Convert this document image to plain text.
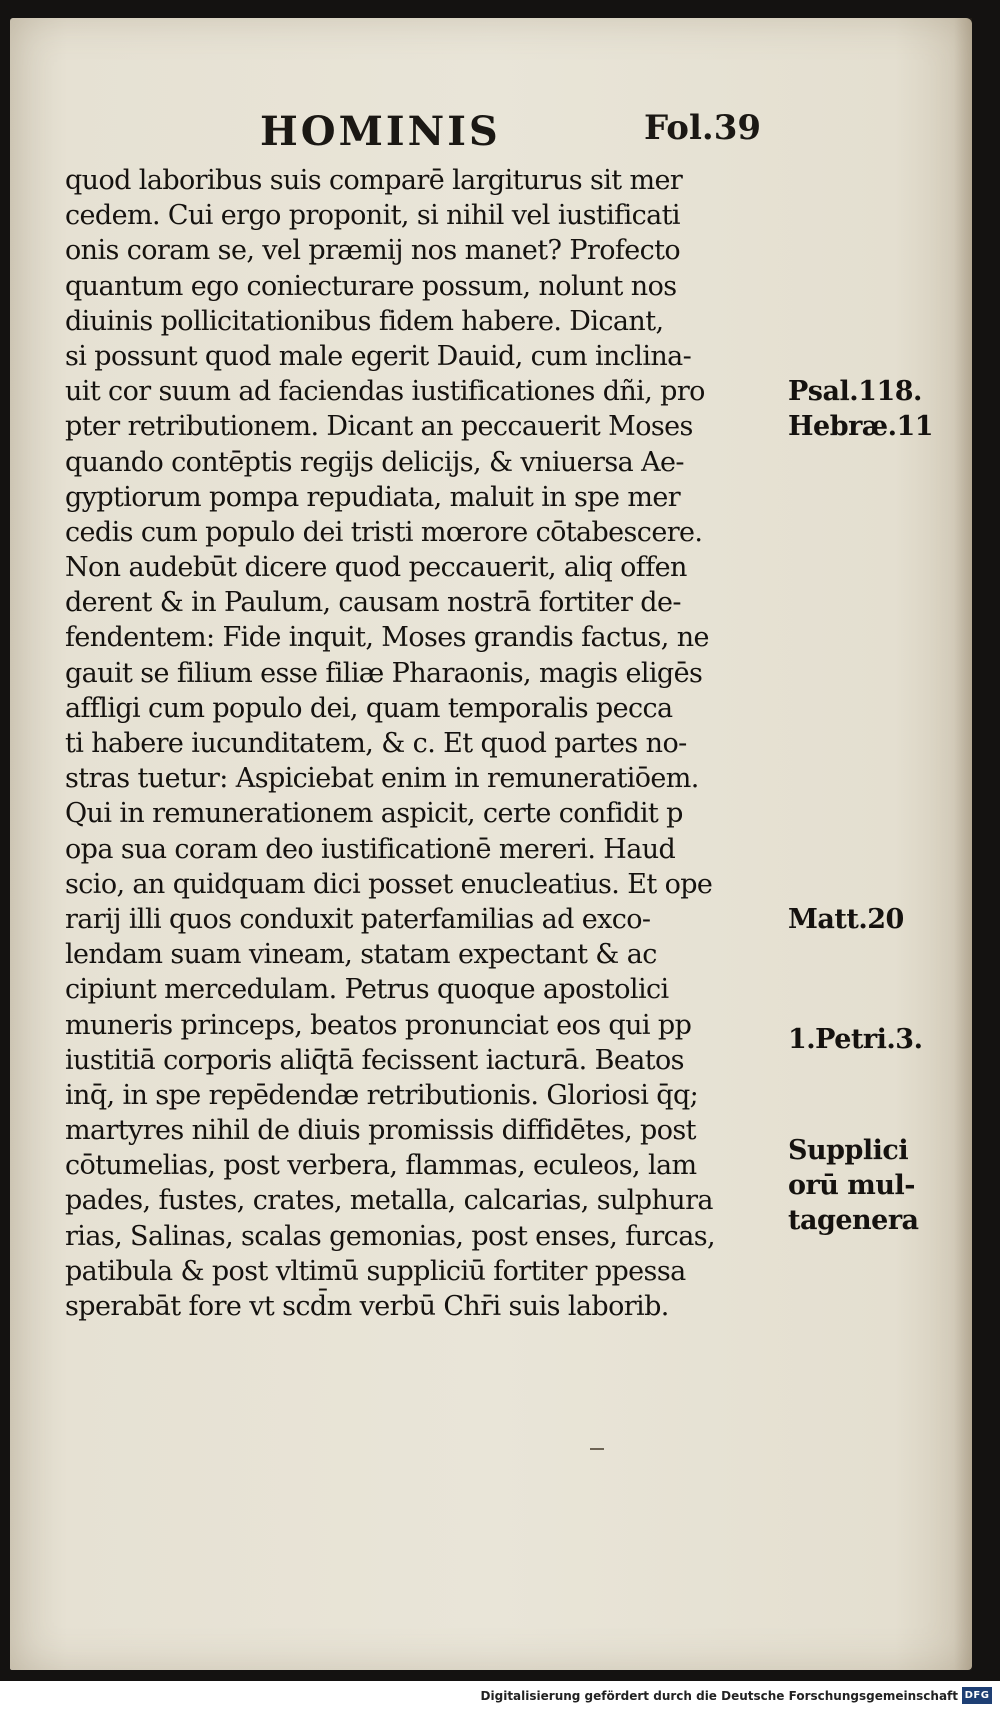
HOMINIS	Fol.39
quod laboribus suis comparē largiturus sit mer
cedem. Cui ergo proponit, si nihil vel iustificati
onis coram se, vel præmij nos manet? Profecto
quantum ego coniecturare possum, nolunt nos
diuinis pollicitationibus fidem habere. Dicant,
si possunt quod male egerit Dauid, cum inclina-
uit cor suum ad faciendas iustificationes dñi, pro
pter retributionem. Dicant an peccauerit Moses
quando contēptis regijs delicijs, & vniuersa Ae-
gyptiorum pompa repudiata, maluit in spe mer
cedis cum populo dei tristi mœrore cōtabescere.
Non audebūt dicere quod peccauerit, aliq offen
derent & in Paulum, causam nostrā fortiter de-
fendentem: Fide inquit, Moses grandis factus, ne
gauit se filium esse filiæ Pharaonis, magis eligēs
affligi cum populo dei, quam temporalis pecca
ti habere iucunditatem, & c. Et quod partes no-
stras tuetur: Aspiciebat enim in remuneratiōem.
Qui in remunerationem aspicit, certe confidit p
opa sua coram deo iustificationē mereri. Haud
scio, an quidquam dici posset enucleatius. Et ope
rarij illi quos conduxit paterfamilias ad exco-
lendam suam vineam, statam expectant & ac
cipiunt mercedulam. Petrus quoque apostolici
muneris princeps, beatos pronunciat eos qui pp
iustitiā corporis aliq̄tā fecissent iacturā. Beatos
inq̄, in spe repēdendæ retributionis. Gloriosi q̄q;
martyres nihil de diuis promissis diffidētes, post
cōtumelias, post verbera, flammas, eculeos, lam
pades, fustes, crates, metalla, calcarias, sulphura
rias, Salinas, scalas gemonias, post enses, furcas,
patibula & post vltimū suppliciū fortiter ppessa
sperabāt fore vt scd̄m verbū Chr̄i suis laborib.
Psal.118.
Hebræ.11
Matt.20
1.Petri.3.
Supplici
orū mul-
tagenera
Digitalisierung gefördert durch die Deutsche Forschungsgemeinschaft DFG
